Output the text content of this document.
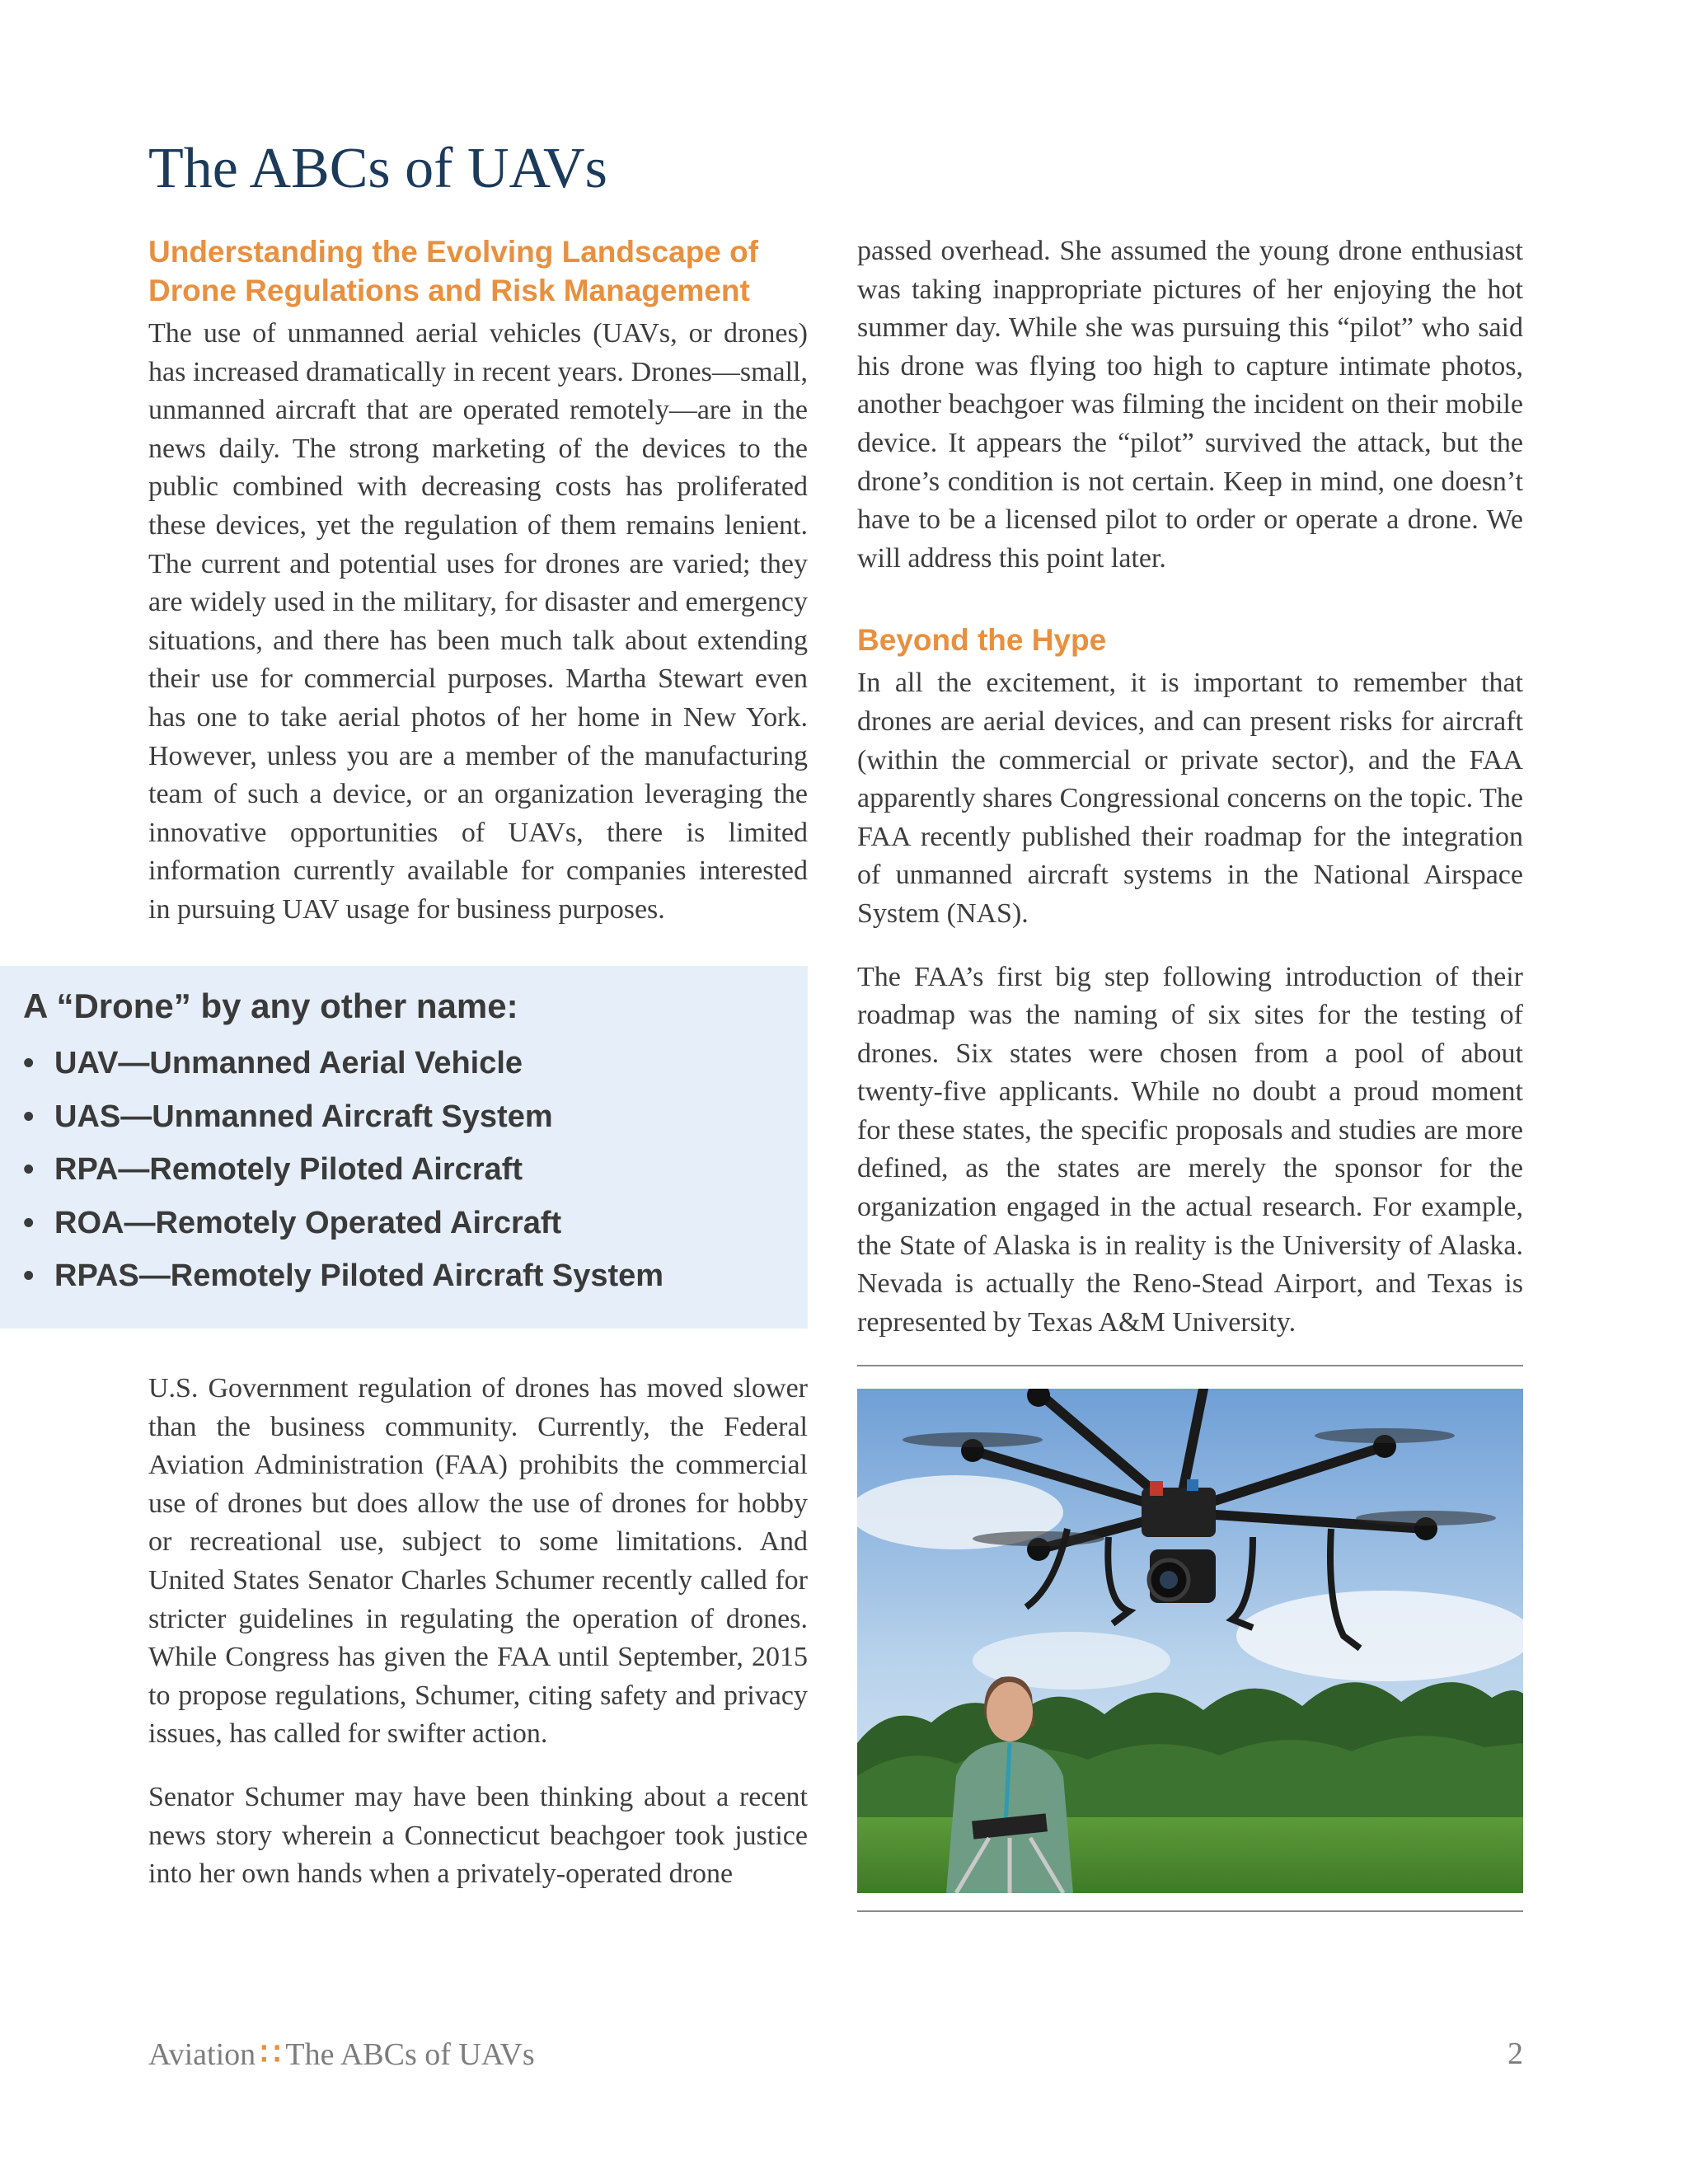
The ABCs of UAVs
Understanding the Evolving Landscape of Drone Regulations and Risk Management

The use of unmanned aerial vehicles (UAVs, or drones) has increased dramatically in recent years. Drones—small, unmanned aircraft that are operated remotely—are in the news daily. The strong marketing of the devices to the public combined with decreasing costs has proliferated these devices, yet the regulation of them remains lenient. The current and potential uses for drones are varied; they are widely used in the military, for disaster and emergency situations, and there has been much talk about extending their use for commercial purposes. Martha Stewart even has one to take aerial photos of her home in New York. However, unless you are a member of the manufacturing team of such a device, or an organization leveraging the innovative opportunities of UAVs, there is limited information currently available for companies interested in pursuing UAV usage for business purposes.

A “Drone” by any other name:
• UAV—Unmanned Aerial Vehicle
• UAS—Unmanned Aircraft System
• RPA—Remotely Piloted Aircraft
• ROA—Remotely Operated Aircraft
• RPAS—Remotely Piloted Aircraft System

U.S. Government regulation of drones has moved slower than the business community. Currently, the Federal Aviation Administration (FAA) prohibits the commercial use of drones but does allow the use of drones for hobby or recreational use, subject to some limitations. And United States Senator Charles Schumer recently called for stricter guidelines in regulating the operation of drones. While Congress has given the FAA until September, 2015 to propose regulations, Schumer, citing safety and privacy issues, has called for swifter action.

Senator Schumer may have been thinking about a recent news story wherein a Connecticut beachgoer took justice into her own hands when a privately-operated drone

passed overhead. She assumed the young drone enthusiast was taking inappropriate pictures of her enjoying the hot summer day. While she was pursuing this “pilot” who said his drone was flying too high to capture intimate photos, another beachgoer was filming the incident on their mobile device. It appears the “pilot” survived the attack, but the drone’s condition is not certain. Keep in mind, one doesn’t have to be a licensed pilot to order or operate a drone. We will address this point later.

Beyond the Hype

In all the excitement, it is important to remember that drones are aerial devices, and can present risks for aircraft (within the commercial or private sector), and the FAA apparently shares Congressional concerns on the topic. The FAA recently published their roadmap for the integration of unmanned aircraft systems in the National Airspace System (NAS).

The FAA’s first big step following introduction of their roadmap was the naming of six sites for the testing of drones. Six states were chosen from a pool of about twenty-five applicants. While no doubt a proud moment for these states, the specific proposals and studies are more defined, as the states are merely the sponsor for the organization engaged in the actual research. For example, the State of Alaska is in reality is the University of Alaska. Nevada is actually the Reno-Stead Airport, and Texas is represented by Texas A&M University.

Aviation ∷ The ABCs of UAVs	2
